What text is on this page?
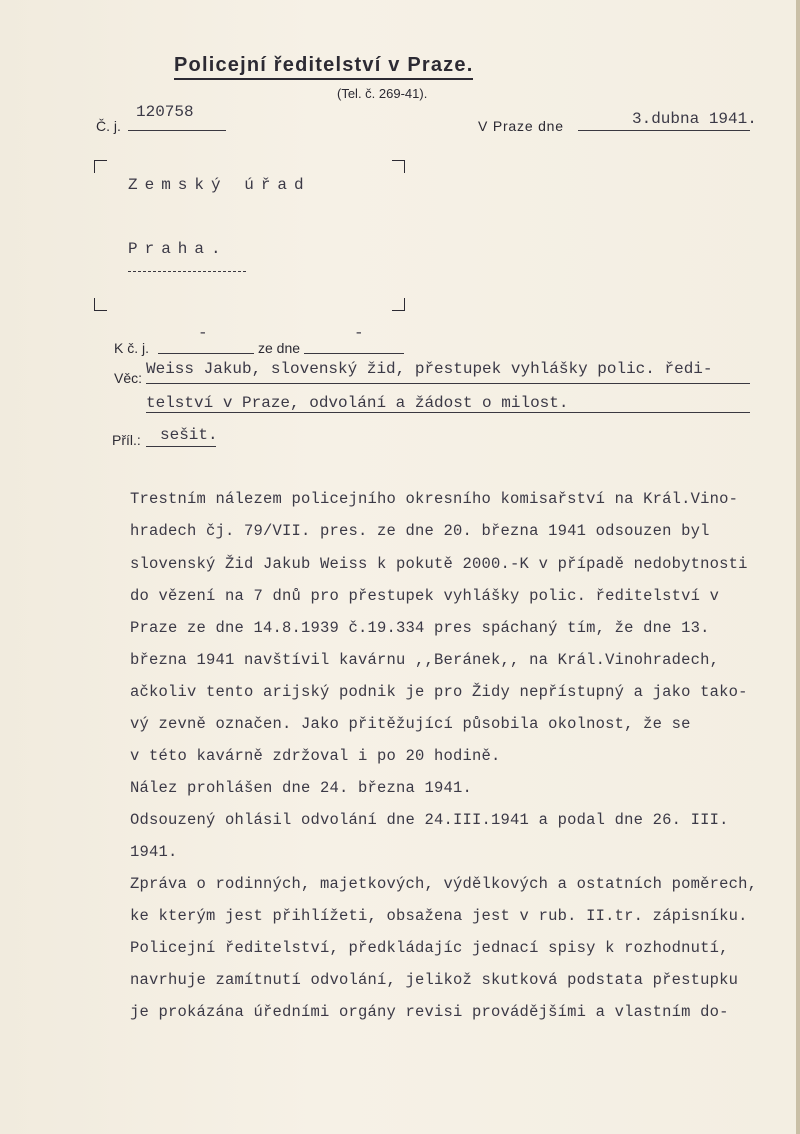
Policejní ředitelství v Praze.
(Tel. č. 269-41).
Č. j.
120758
V Praze dne	3.dubna 1941.
Zemský úřad
Praha.
K č. j.
-
ze dne
-
Věc: Weiss Jakub, slovenský žid, přestupek vyhlášky polic. ředi-
telství v Praze, odvolání a žádost o milost.
Příl.: sešit.
Trestním nálezem policejního okresního komisařství na Král.Vino-
hradech čj. 79/VII. pres. ze dne 20. března 1941 odsouzen byl
slovenský Žid Jakub Weiss k pokutě 2000.-K v případě nedobytnosti
do vězení na 7 dnů pro přestupek vyhlášky polic. ředitelství v
Praze ze dne 14.8.1939 č.19.334 pres spáchaný tím, že dne 13.
března 1941 navštívil kavárnu ,,Beránek,, na Král.Vinohradech,
ačkoliv tento arijský podnik je pro Židy nepřístupný a jako tako-
vý zevně označen. Jako přitěžující působila okolnost, že se
v této kavárně zdržoval i po 20 hodině.
Nález prohlášen dne 24. března 1941.
Odsouzený ohlásil odvolání dne 24.III.1941 a podal dne 26. III.
1941.
Zpráva o rodinných, majetkových, výdělkových a ostatních poměrech,
ke kterým jest přihlížeti, obsažena jest v rub. II.tr. zápisníku.
Policejní ředitelství, předkládajíc jednací spisy k rozhodnutí,
navrhuje zamítnutí odvolání, jelikož skutková podstata přestupku
je prokázána úředními orgány revisi provádějšími a vlastním do-
